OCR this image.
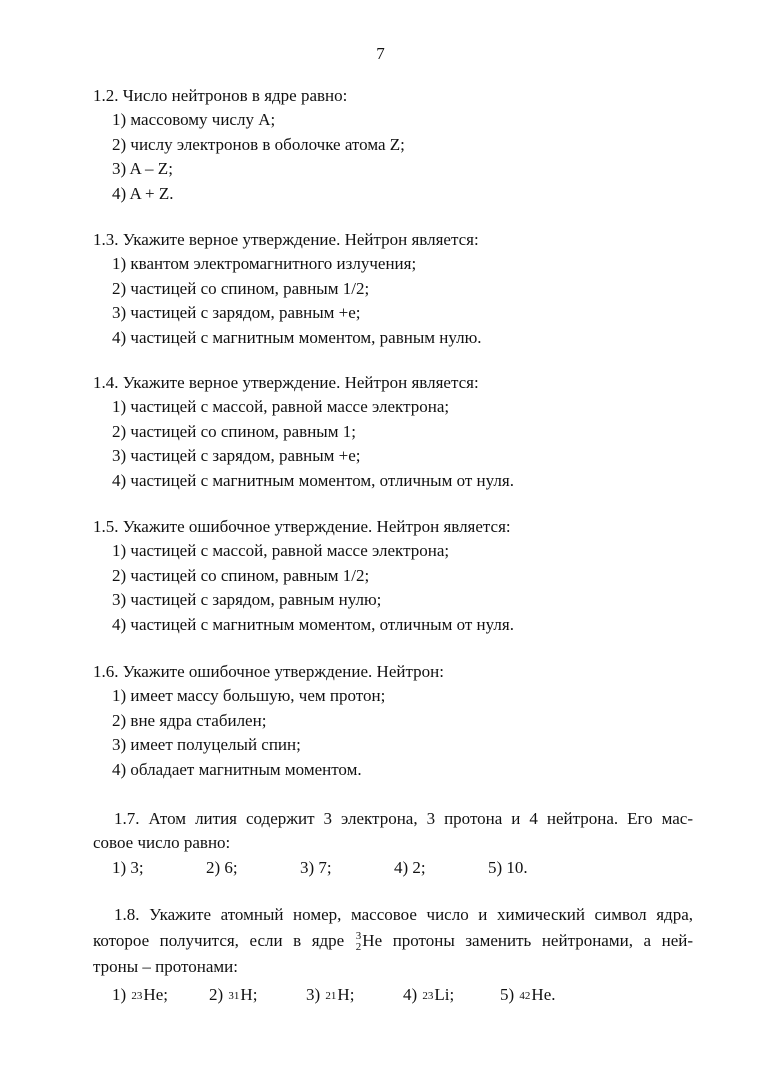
7
1.2. Число нейтронов в ядре равно:
1) массовому числу A;
2) числу электронов в оболочке атома Z;
3) A – Z;
4) A + Z.
1.3. Укажите верное утверждение. Нейтрон является:
1) квантом электромагнитного излучения;
2) частицей со спином, равным 1/2;
3) частицей с зарядом, равным +e;
4) частицей с магнитным моментом, равным нулю.
1.4. Укажите верное утверждение. Нейтрон является:
1) частицей с массой, равной массе электрона;
2) частицей со спином, равным 1;
3) частицей с зарядом, равным +e;
4) частицей с магнитным моментом, отличным от нуля.
1.5. Укажите ошибочное утверждение. Нейтрон является:
1) частицей с массой, равной массе электрона;
2) частицей со спином, равным 1/2;
3) частицей с зарядом, равным нулю;
4) частицей с магнитным моментом, отличным от нуля.
1.6. Укажите ошибочное утверждение. Нейтрон:
1) имеет массу большую, чем протон;
2) вне ядра стабилен;
3) имеет полуцелый спин;
4) обладает магнитным моментом.
1.7. Атом лития содержит 3 электрона, 3 протона и 4 нейтрона. Его мас-
совое число равно:
1) 3;	2) 6;	3) 7;	4) 2;	5) 10.
1.8. Укажите атомный номер, массовое число и химический символ ядра,
которое получится, если в ядре 3
2 He протоны заменить нейтронами, а ней-
троны – протонами:
1) 23He;	2) 31H;	3) 21H;	4) 23Li;	5) 42He.
